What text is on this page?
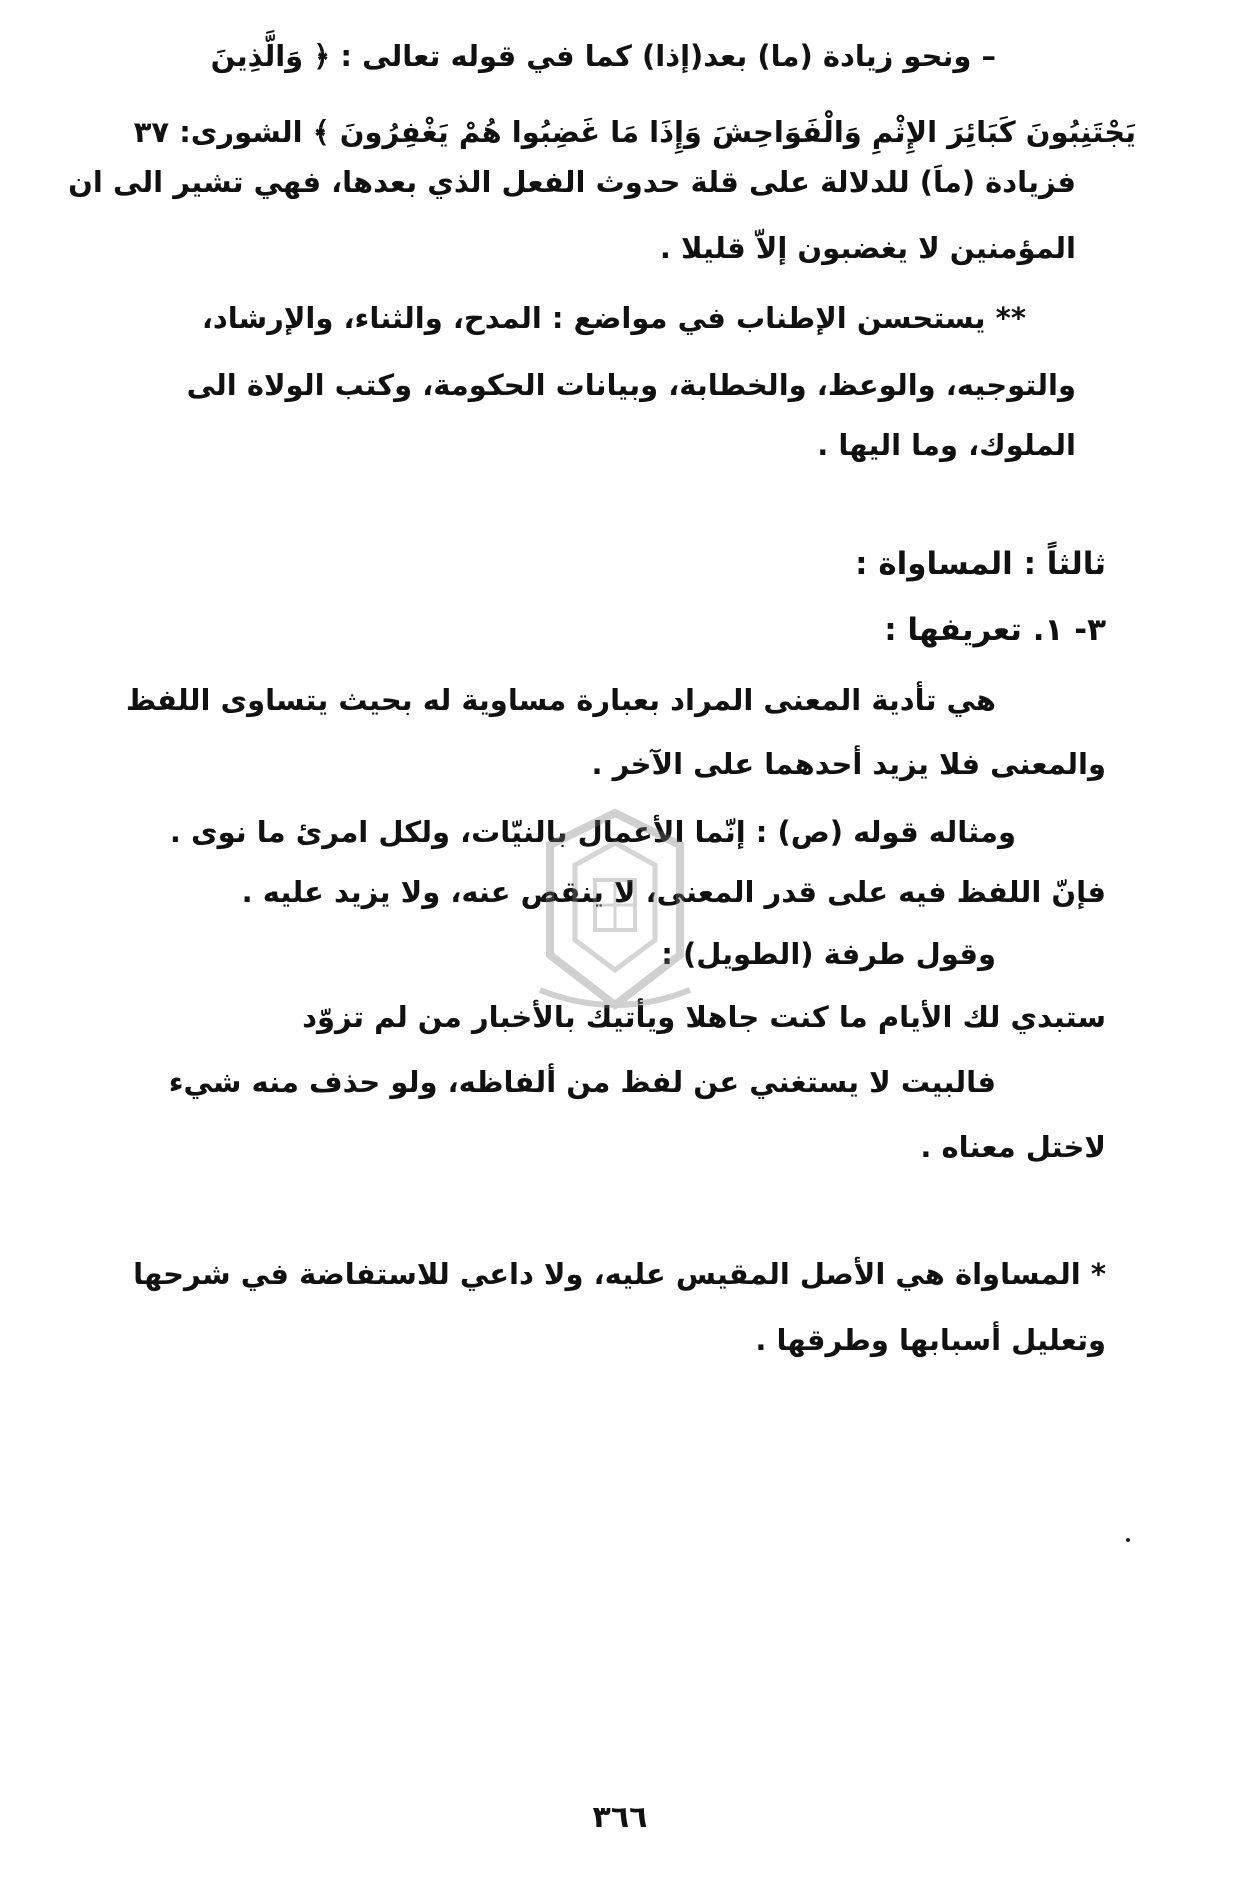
– ونحو زيادة (ما) بعد(إذا) كما في قوله تعالى : ﴿ وَالَّذِينَ
يَجْتَنِبُونَ كَبَائِرَ الإِثْمِ وَالْفَوَاحِشَ وَإِذَا مَا غَضِبُوا هُمْ يَغْفِرُونَ ﴾ الشورى: ٣٧
فزيادة (ماَ) للدلالة على قلة حدوث الفعل الذي بعدها، فهي تشير الى ان
المؤمنين لا يغضبون إلاّ قليلا .
** يستحسن الإطناب في مواضع : المدح، والثناء، والإرشاد،
والتوجيه، والوعظ، والخطابة، وبيانات الحكومة، وكتب الولاة الى
الملوك، وما اليها .
ثالثاً : المساواة :
٣- ١. تعريفها :
هي تأدية المعنى المراد بعبارة مساوية له بحيث يتساوى اللفظ
والمعنى فلا يزيد أحدهما على الآخر .
ومثاله قوله (ص) : إنّما الأعمال بالنيّات، ولكل امرئ ما نوى .
فإنّ اللفظ فيه على قدر المعنى، لا ينقص عنه، ولا يزيد عليه .
وقول طرفة (الطويل) :
ستبدي لك الأيام ما كنت جاهلا ويأتيك بالأخبار من لم تزوّد
فالبيت لا يستغني عن لفظ من ألفاظه، ولو حذف منه شيء
لاختل معناه .
* المساواة هي الأصل المقيس عليه، ولا داعي للاستفاضة في شرحها
وتعليل أسبابها وطرقها .
٣٦٦
